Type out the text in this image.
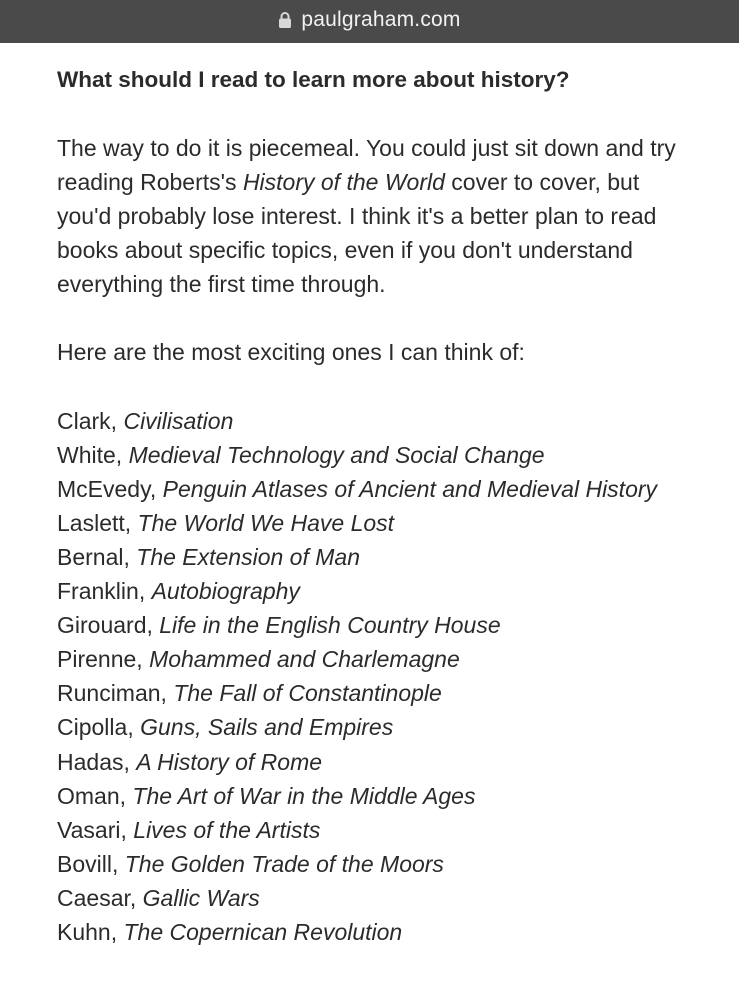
paulgraham.com
What should I read to learn more about history?

The way to do it is piecemeal. You could just sit down and try reading Roberts's History of the World cover to cover, but you'd probably lose interest. I think it's a better plan to read books about specific topics, even if you don't understand everything the first time through.

Here are the most exciting ones I can think of:

Clark, Civilisation
White, Medieval Technology and Social Change
McEvedy, Penguin Atlases of Ancient and Medieval History
Laslett, The World We Have Lost
Bernal, The Extension of Man
Franklin, Autobiography
Girouard, Life in the English Country House
Pirenne, Mohammed and Charlemagne
Runciman, The Fall of Constantinople
Cipolla, Guns, Sails and Empires
Hadas, A History of Rome
Oman, The Art of War in the Middle Ages
Vasari, Lives of the Artists
Bovill, The Golden Trade of the Moors
Caesar, Gallic Wars
Kuhn, The Copernican Revolution
